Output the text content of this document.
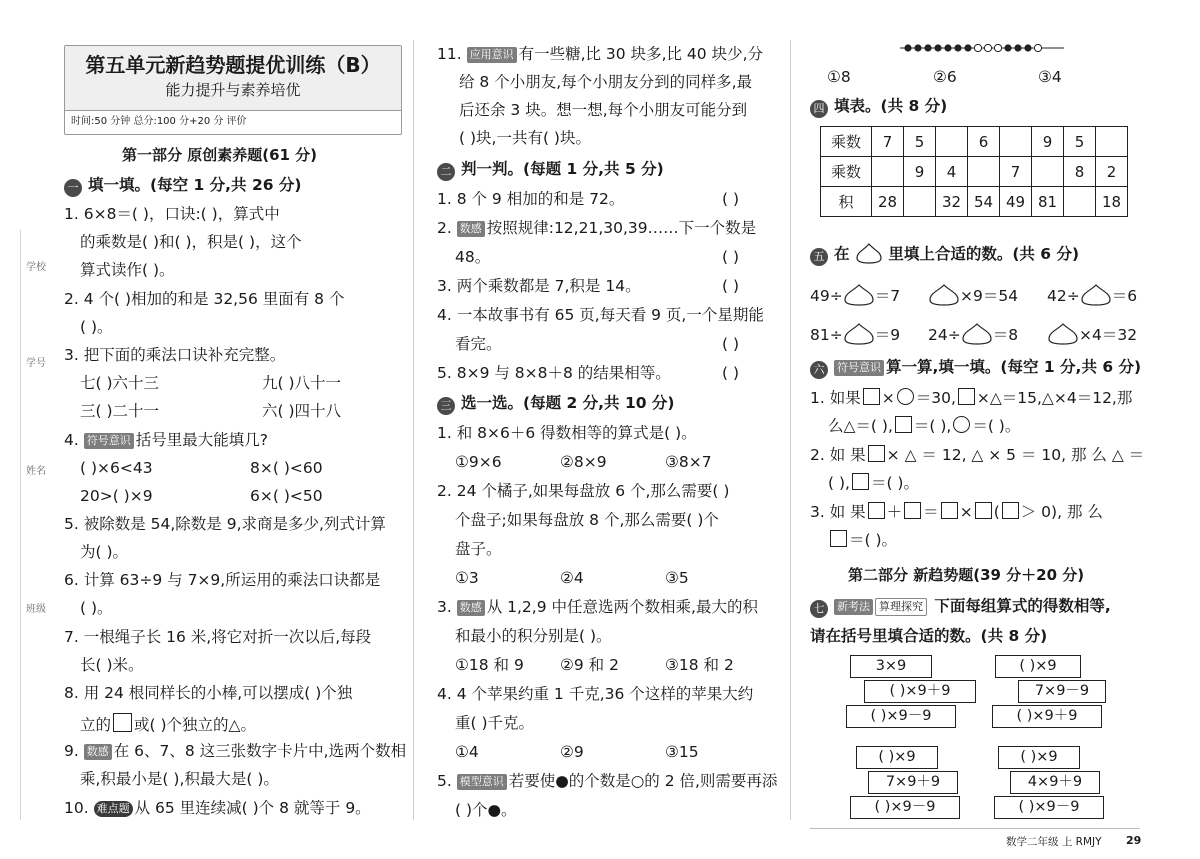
学校
学号
姓名
班级
第五单元新趋势题提优训练（B）
能力提升与素养培优
时间:50 分钟 总分:100 分+20 分 评价
第一部分 原创素养题(61 分)
一 填一填。(每空 1 分,共 26 分)
1. 6×8＝( )，口诀:( )，算式中
的乘数是( )和( )，积是( )，这个
算式读作( )。
2. 4 个( )相加的和是 32,56 里面有 8 个
( )。
3. 把下面的乘法口诀补充完整。
七( )六十三	九( )八十一
三( )二十一	六( )四十八
4. 符号意识 括号里最大能填几?
( )×6<43	8×( )<60
20>( )×9	6×( )<50
5. 被除数是 54,除数是 9,求商是多少,列式计算
为( )。
6. 计算 63÷9 与 7×9,所运用的乘法口诀都是
( )。
7. 一根绳子长 16 米,将它对折一次以后,每段
长( )米。
8. 用 24 根同样长的小棒,可以摆成( )个独
立的 或( )个独立的△。
9. 数感 在 6、7、8 这三张数字卡片中,选两个数相
乘,积最小是( ),积最大是( )。
10. 难点题 从 65 里连续减( )个 8 就等于 9。
11. 应用意识 有一些糖,比 30 块多,比 40 块少,分
给 8 个小朋友,每个小朋友分到的同样多,最
后还余 3 块。想一想,每个小朋友可能分到
( )块,一共有( )块。
二 判一判。(每题 1 分,共 5 分)
1. 8 个 9 相加的和是 72。	( )
2. 数感 按照规律:12,21,30,39……下一个数是
48。	( )
3. 两个乘数都是 7,积是 14。	( )
4. 一本故事书有 65 页,每天看 9 页,一个星期能
看完。	( )
5. 8×9 与 8×8＋8 的结果相等。	( )
三 选一选。(每题 2 分,共 10 分)
1. 和 8×6＋6 得数相等的算式是( )。
①9×6	②8×9	③8×7
2. 24 个橘子,如果每盘放 6 个,那么需要( )
个盘子;如果每盘放 8 个,那么需要( )个
盘子。
①3	②4	③5
3. 数感 从 1,2,9 中任意选两个数相乘,最大的积
和最小的积分别是( )。
①18 和 9 ②9 和 2	③18 和 2
4. 4 个苹果约重 1 千克,36 个这样的苹果大约
重( )千克。
①4	②9	③15
5. 模型意识 若要使●的个数是○的 2 倍,则需要再添
( )个●。
①8	②6	③4
四 填表。(共 8 分)
乘数	7	5		6		9	5	
乘数		9	4		7		8	2
积	28		32	54	49	81		18
五 在	里填上合适的数。(共 6 分)
49÷ ＝7	×9＝54 42÷ ＝6
81÷ ＝9 24÷ ＝8	×4＝32
六 符号意识 算一算,填一填。(每空 1 分,共 6 分)
1. 如果 × ＝30, ×△＝15,△×4＝12,那
么△＝( ), ＝( ), ＝( )。
2. 如 果 × △ ＝ 12, △ × 5 ＝ 10, 那 么 △ ＝
( ), ＝( )。
3. 如 果 ＋ ＝ × ( ＞ 0), 那 么
＝( )。
第二部分 新趋势题(39 分＋20 分)
七 新考法 算理探究 下面每组算式的得数相等,
请在括号里填合适的数。(共 8 分)
3×9
( )×9＋9
( )×9－9
( )×9
7×9－9
( )×9＋9
( )×9
7×9＋9
( )×9－9
( )×9
4×9＋9
( )×9－9
数学二年级 上 RMJY 29
